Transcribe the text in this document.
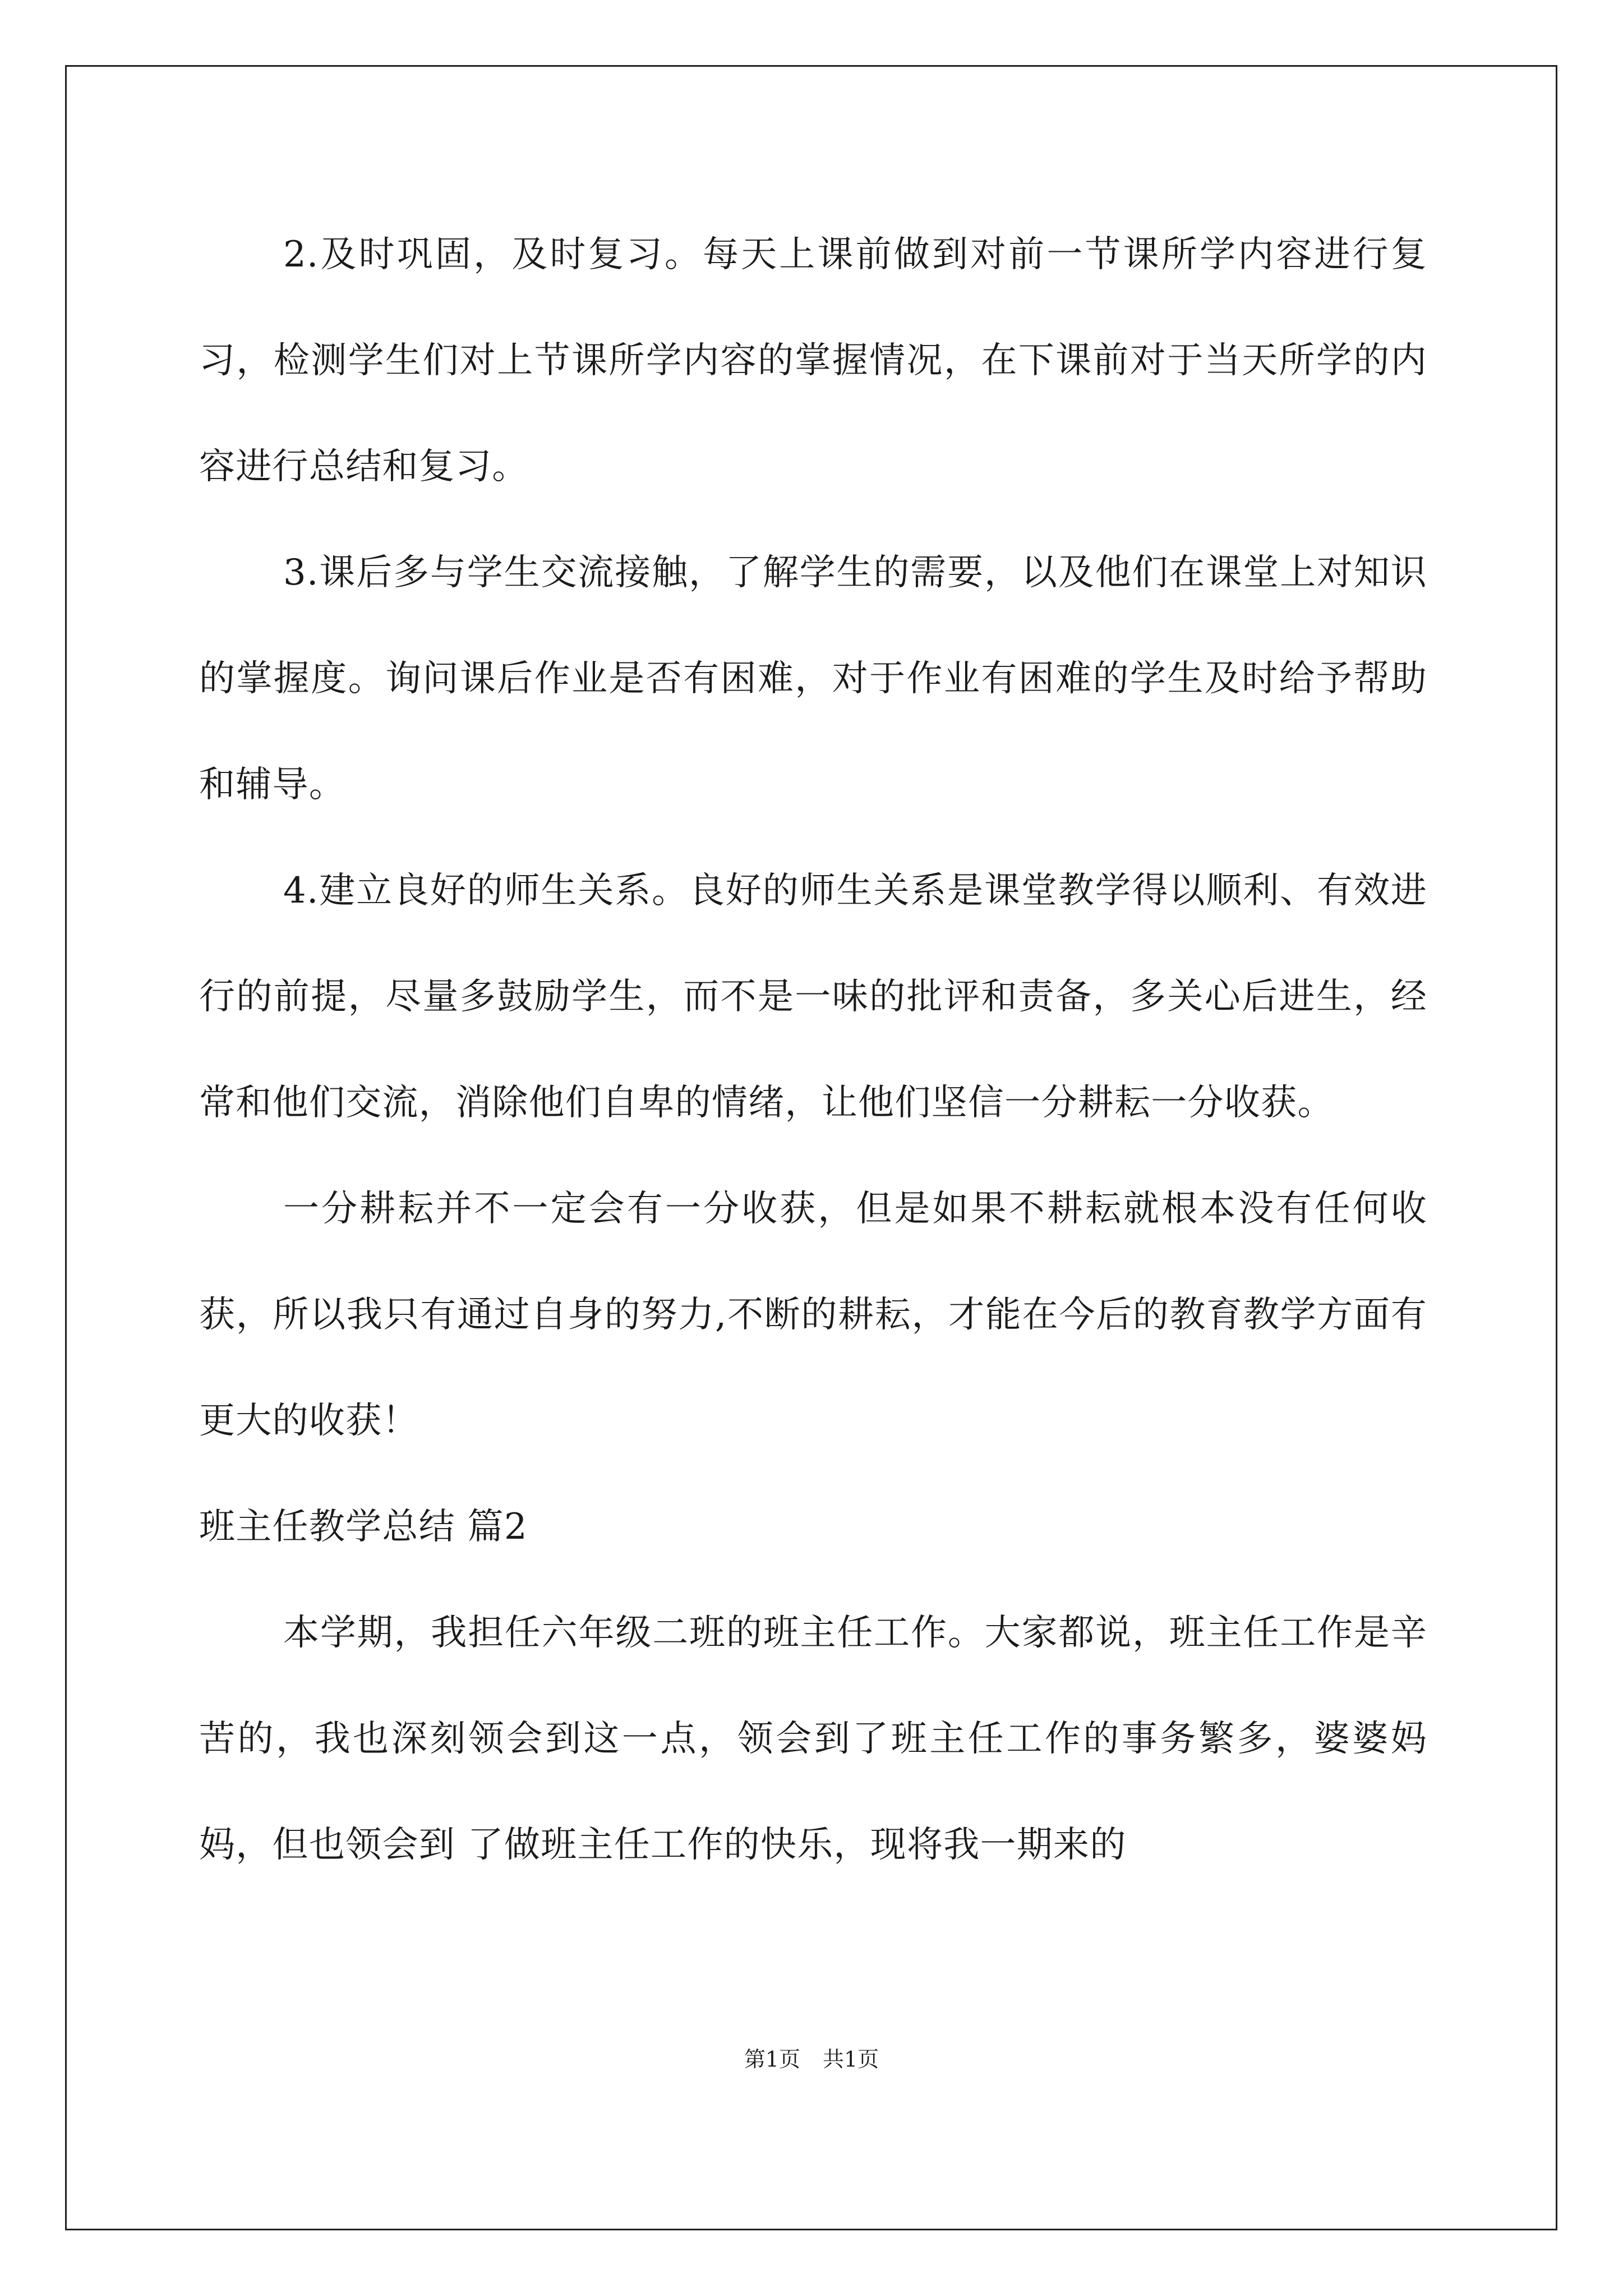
2.及时巩固，及时复习。每天上课前做到对前一节课所学内容进行复习，检测学生们对上节课所学内容的掌握情况，在下课前对于当天所学的内容进行总结和复习。

3.课后多与学生交流接触，了解学生的需要，以及他们在课堂上对知识的掌握度。询问课后作业是否有困难，对于作业有困难的学生及时给予帮助和辅导。

4.建立良好的师生关系。良好的师生关系是课堂教学得以顺利、有效进行的前提，尽量多鼓励学生，而不是一味的批评和责备，多关心后进生，经常和他们交流，消除他们自卑的情绪，让他们坚信一分耕耘一分收获。

一分耕耘并不一定会有一分收获，但是如果不耕耘就根本没有任何收获，所以我只有通过自身的努力,不断的耕耘，才能在今后的教育教学方面有更大的收获！

班主任教学总结 篇2

本学期，我担任六年级二班的班主任工作。大家都说，班主任工作是辛苦的，我也深刻领会到这一点，领会到了班主任工作的事务繁多，婆婆妈妈，但也领会到 了做班主任工作的快乐，现将我一期来的

第1页 共1页
